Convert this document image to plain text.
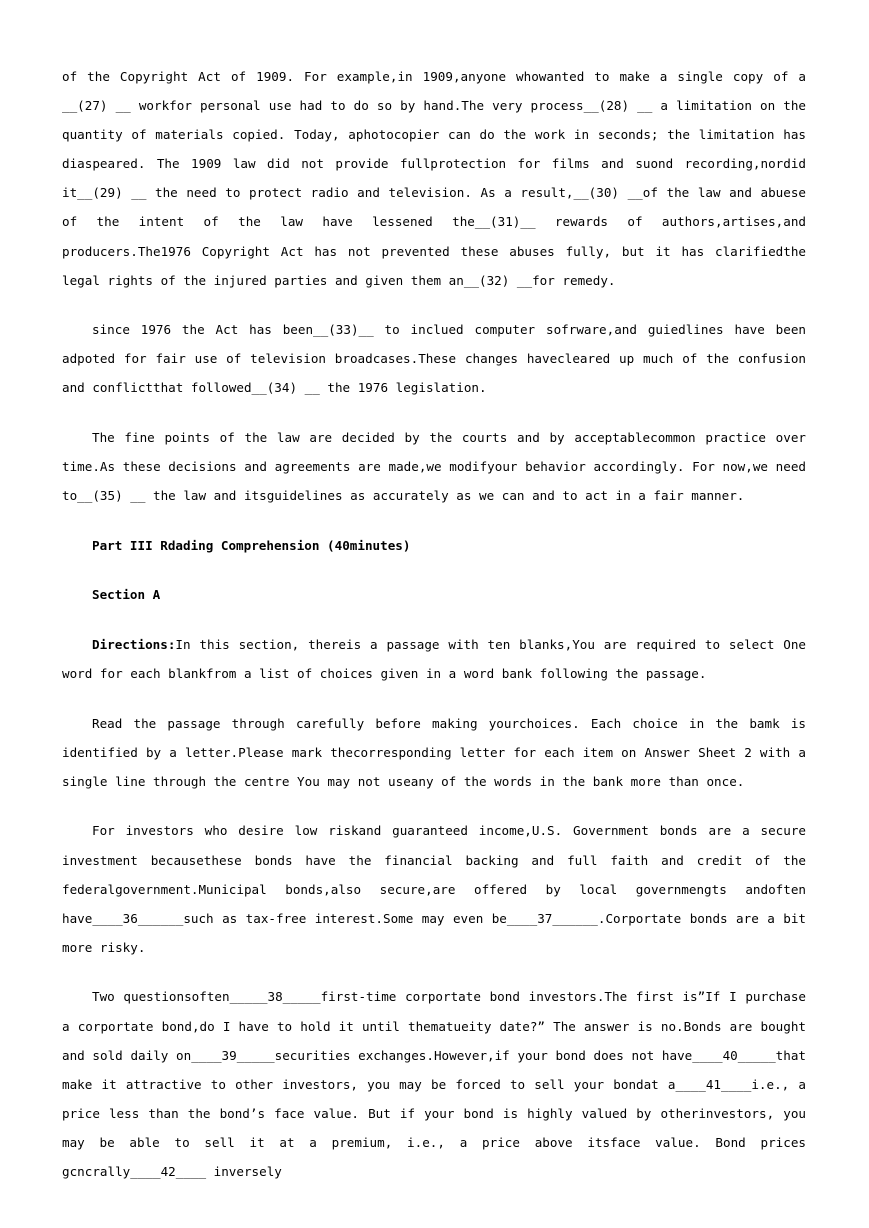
of the Copyright Act of 1909. For example,in 1909,anyone whowanted to make a single copy of a __(27) __ workfor personal use had to do so by hand.The very process__(28) __ a limitation on the quantity of materials copied. Today, aphotocopier can do the work in seconds; the limitation has diaspeared. The 1909 law did not provide fullprotection for films and suond recording,nordid it__(29) __ the need to protect radio and television. As a result,__(30) __of the law and abuese of the intent of the law have lessened the__(31)__ rewards of authors,artises,and producers.The1976 Copyright Act has not prevented these abuses fully, but it has clarifiedthe legal rights of the injured parties and given them an__(32) __for remedy.

since 1976 the Act has been__(33)__ to inclued computer sofrware,and guiedlines have been adpoted for fair use of television broadcases.These changes havecleared up much of the confusion and conflictthat followed__(34) __ the 1976 legislation.

The fine points of the law are decided by the courts and by acceptablecommon practice over time.As these decisions and agreements are made,we modifyour behavior accordingly. For now,we need to__(35) __ the law and itsguidelines as accurately as we can and to act in a fair manner.

Part III Rdading Comprehension (40minutes)

Section A

Directions:In this section, thereis a passage with ten blanks,You are required to select One word for each blankfrom a list of choices given in a word bank following the passage.

Read the passage through carefully before making yourchoices. Each choice in the bamk is identified by a letter.Please mark thecorresponding letter for each item on Answer Sheet 2 with a single line through the centre You may not useany of the words in the bank more than once.

For investors who desire low riskand guaranteed income,U.S. Government bonds are a secure investment becausethese bonds have the financial backing and full faith and credit of the federalgovernment.Municipal bonds,also secure,are offered by local governmengts andoften have____36______such as tax-free interest.Some may even be____37______.Corportate bonds are a bit more risky.

Two questionsoften_____38_____first-time corportate bond investors.The first is”If I purchase a corportate bond,do I have to hold it until thematueity date?” The answer is no.Bonds are bought and sold daily on____39_____securities exchanges.However,if your bond does not have____40_____that make it attractive to other investors, you may be forced to sell your bondat a____41____i.e., a price less than the bond’s face value. But if your bond is highly valued by otherinvestors, you may be able to sell it at a premium, i.e., a price above itsface value. Bond prices gcncrally____42____ inversely
